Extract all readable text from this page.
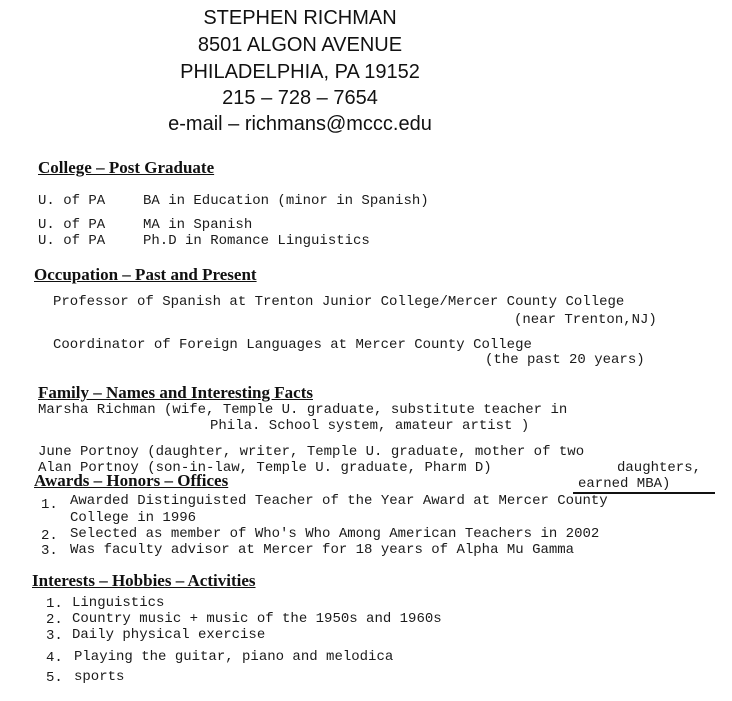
STEPHEN RICHMAN
8501 ALGON AVENUE
PHILADELPHIA, PA 19152
215 – 728 – 7654
e-mail – richmans@mccc.edu
College – Post Graduate
U. of PA	BA in Education (minor in Spanish)
U. of PA	MA in Spanish
U. of PA	Ph.D in Romance Linguistics
Occupation – Past and Present
Professor of Spanish at Trenton Junior College/Mercer County College
(near Trenton,NJ)
Coordinator of Foreign Languages at Mercer County College
(the past 20 years)
Family – Names and Interesting Facts
Marsha Richman (wife, Temple U. graduate, substitute teacher in
Phila. School system, amateur artist )
June Portnoy (daughter, writer, Temple U. graduate, mother of two
Alan Portnoy (son-in-law, Temple U. graduate, Pharm D)	daughters,
Awards – Honors – Offices	earned MBA)
1. Awarded Distinguisted Teacher of the Year Award at Mercer County
College in 1996
2. Selected as member of Who's Who Among American Teachers in 2002
3. Was faculty advisor at Mercer for 18 years of Alpha Mu Gamma
Interests – Hobbies – Activities
1. Linguistics
2. Country music + music of the 1950s and 1960s
3. Daily physical exercise
4. Playing the guitar, piano and melodica
5. sports
